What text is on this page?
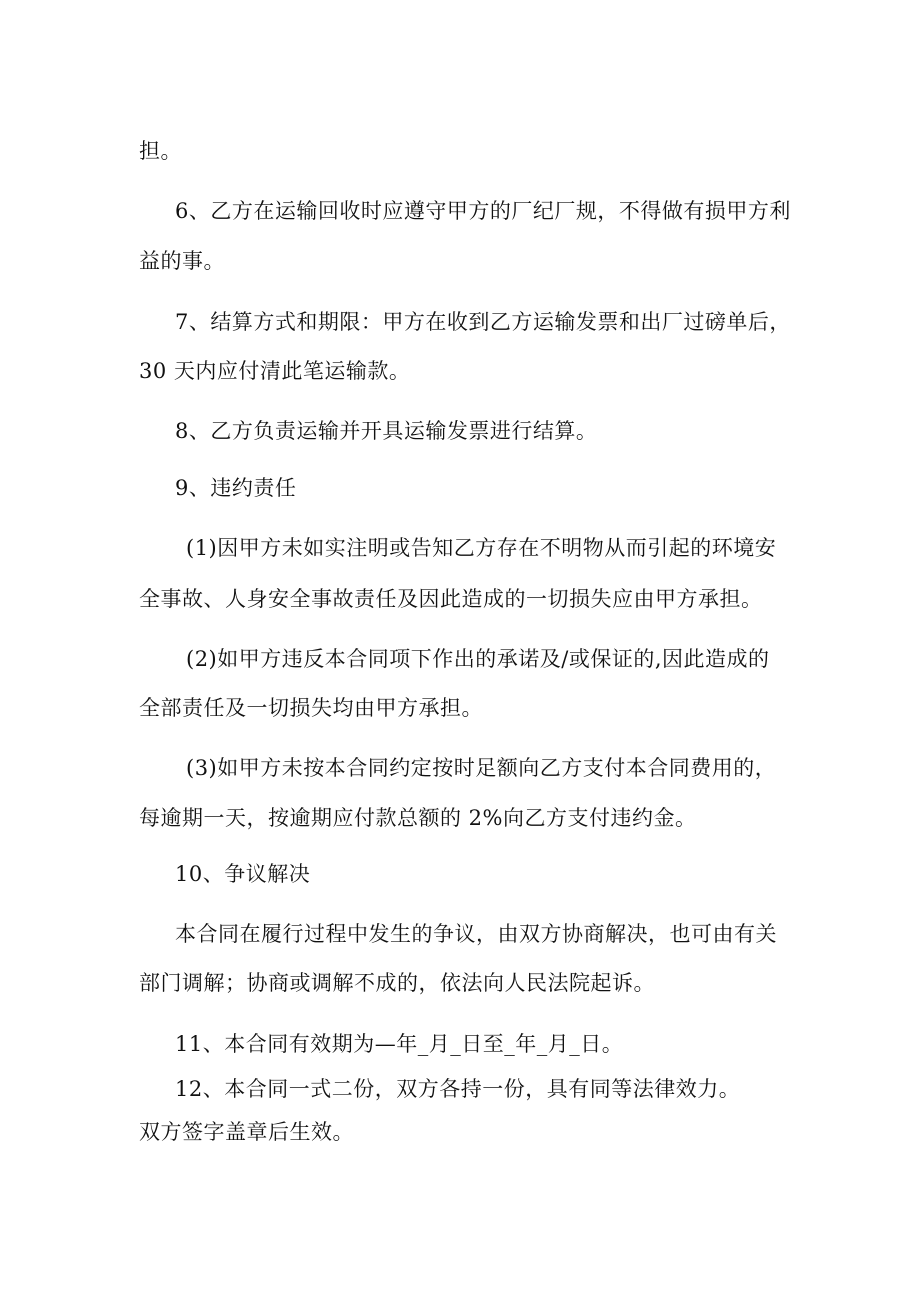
担。
6、乙方在运输回收时应遵守甲方的厂纪厂规，不得做有损甲方利
益的事。
7、结算方式和期限：甲方在收到乙方运输发票和出厂过磅单后，
30 天内应付清此笔运输款。
8、乙方负责运输并开具运输发票进行结算。
9、违约责任
(1)因甲方未如实注明或告知乙方存在不明物从而引起的环境安
全事故、人身安全事故责任及因此造成的一切损失应由甲方承担。
(2)如甲方违反本合同项下作出的承诺及/或保证的,因此造成的
全部责任及一切损失均由甲方承担。
(3)如甲方未按本合同约定按时足额向乙方支付本合同费用的，
每逾期一天，按逾期应付款总额的 2%向乙方支付违约金。
10、争议解决
本合同在履行过程中发生的争议，由双方协商解决，也可由有关
部门调解；协商或调解不成的，依法向人民法院起诉。
11、本合同有效期为—年_月_日至_年_月_日。
12、本合同一式二份，双方各持一份，具有同等法律效力。
双方签字盖章后生效。
